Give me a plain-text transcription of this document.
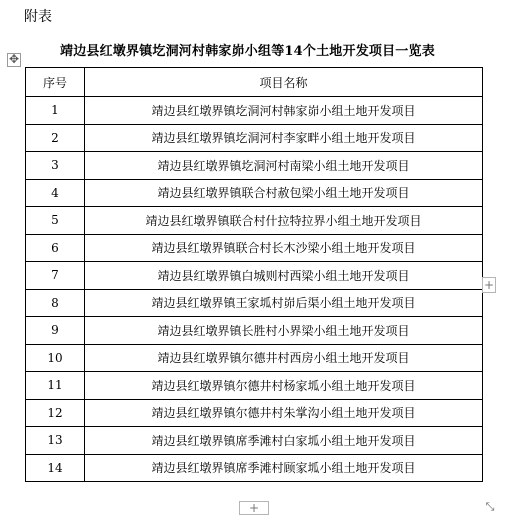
附表
✥	靖边县红墩界镇圪洞河村韩家峁小组等14个土地开发项目一览表
序号	项目名称
1	靖边县红墩界镇圪洞河村韩家峁小组土地开发项目
2	靖边县红墩界镇圪洞河村李家畔小组土地开发项目
3	靖边县红墩界镇圪洞河村南梁小组土地开发项目
4	靖边县红墩界镇联合村赦包梁小组土地开发项目
5	靖边县红墩界镇联合村什拉特拉界小组土地开发项目
6	靖边县红墩界镇联合村长木沙梁小组土地开发项目
7	靖边县红墩界镇白城则村西梁小组土地开发项目
8	靖边县红墩界镇王家坬村峁后渠小组土地开发项目
9	靖边县红墩界镇长胜村小界梁小组土地开发项目
10	靖边县红墩界镇尔德井村西房小组土地开发项目
11	靖边县红墩界镇尔德井村杨家坬小组土地开发项目
12	靖边县红墩界镇尔德井村朱掌沟小组土地开发项目
13	靖边县红墩界镇席季滩村白家坬小组土地开发项目
14	靖边县红墩界镇席季滩村顾家坬小组土地开发项目
+
+	⤡
